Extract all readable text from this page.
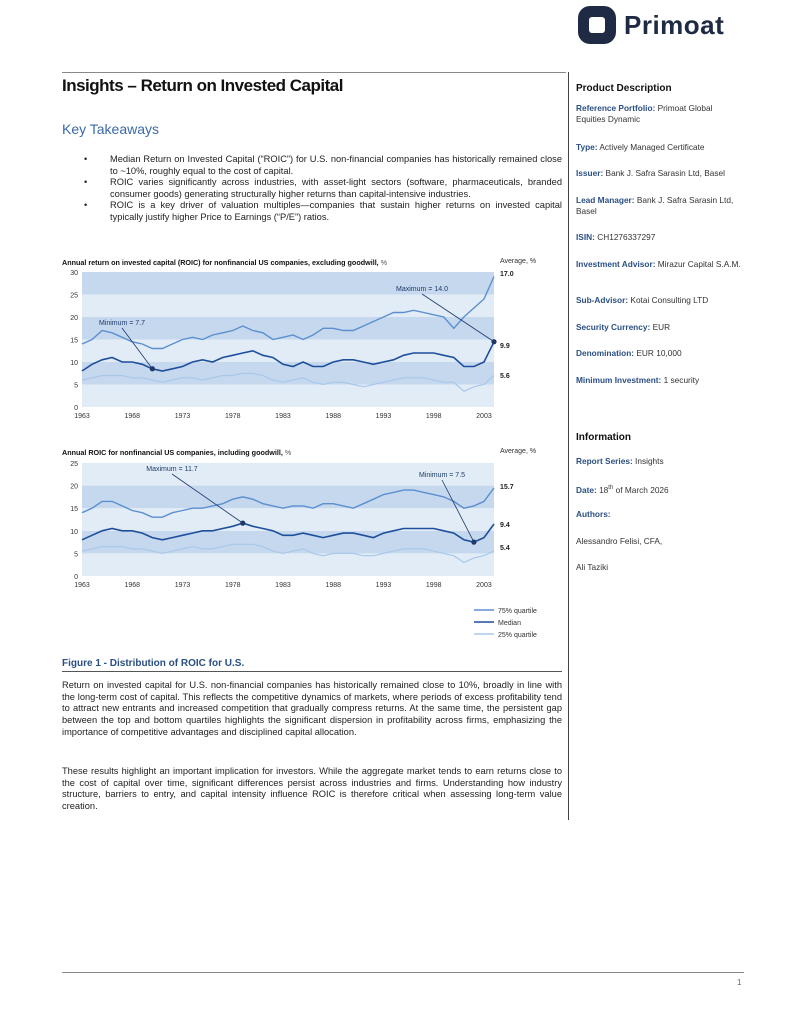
Primoat
Insights – Return on Invested Capital
Key Takeaways
• Median Return on Invested Capital (“ROIC”) for U.S. non-financial companies has historically remained close to ~10%, roughly equal to the cost of capital.
• ROIC varies significantly across industries, with asset-light sectors (software, pharmaceuticals, branded consumer goods) generating structurally higher returns than capital-intensive industries.
• ROIC is a key driver of valuation multiples—companies that sustain higher returns on invested capital typically justify higher Price to Earnings (“P/E”) ratios.
Annual return on invested capital (ROIC) for nonfinancial US companies, excluding goodwill, %	Average, %
0
5
10
15
20
25
30
1963	1968	1973	1978	1983	1988	1993	1998	2003
17.0
9.9
5.6
Maximum = 14.0
Minimum = 7.7
Annual ROIC for nonfinancial US companies, including goodwill, %	Average, %
0
5
10
15
20
25
1963	1968	1973	1978	1983	1988	1993	1998	2003
15.7
9.4
5.4
Maximum = 11.7
Minimum = 7.5
75% quartile
Median
25% quartile
Figure 1 - Distribution of ROIC for U.S.

Return on invested capital for U.S. non-financial companies has historically remained close to 10%, broadly in line with the long-term cost of capital. This reflects the competitive dynamics of markets, where periods of excess profitability tend to attract new entrants and increased competition that gradually compress returns. At the same time, the persistent gap between the top and bottom quartiles highlights the significant dispersion in profitability across firms, emphasizing the importance of competitive advantages and disciplined capital allocation.

These results highlight an important implication for investors. While the aggregate market tends to earn returns close to the cost of capital over time, significant differences persist across industries and firms. Understanding how industry structure, barriers to entry, and capital intensity influence ROIC is therefore critical when assessing long-term value creation.

Product Description
Reference Portfolio: Primoat Global Equities Dynamic
Type: Actively Managed Certificate
Issuer: Bank J. Safra Sarasin Ltd, Basel
Lead Manager: Bank J. Safra Sarasin Ltd, Basel
ISIN: CH1276337297
Investment Advisor: Mirazur Capital S.A.M.
Sub-Advisor: Kotai Consulting LTD
Security Currency: EUR
Denomination: EUR 10,000
Minimum Investment: 1 security
Information
Report Series: Insights
Date: 18th of March 2026
Authors:
Alessandro Felisi, CFA,
Ali Taziki
1
